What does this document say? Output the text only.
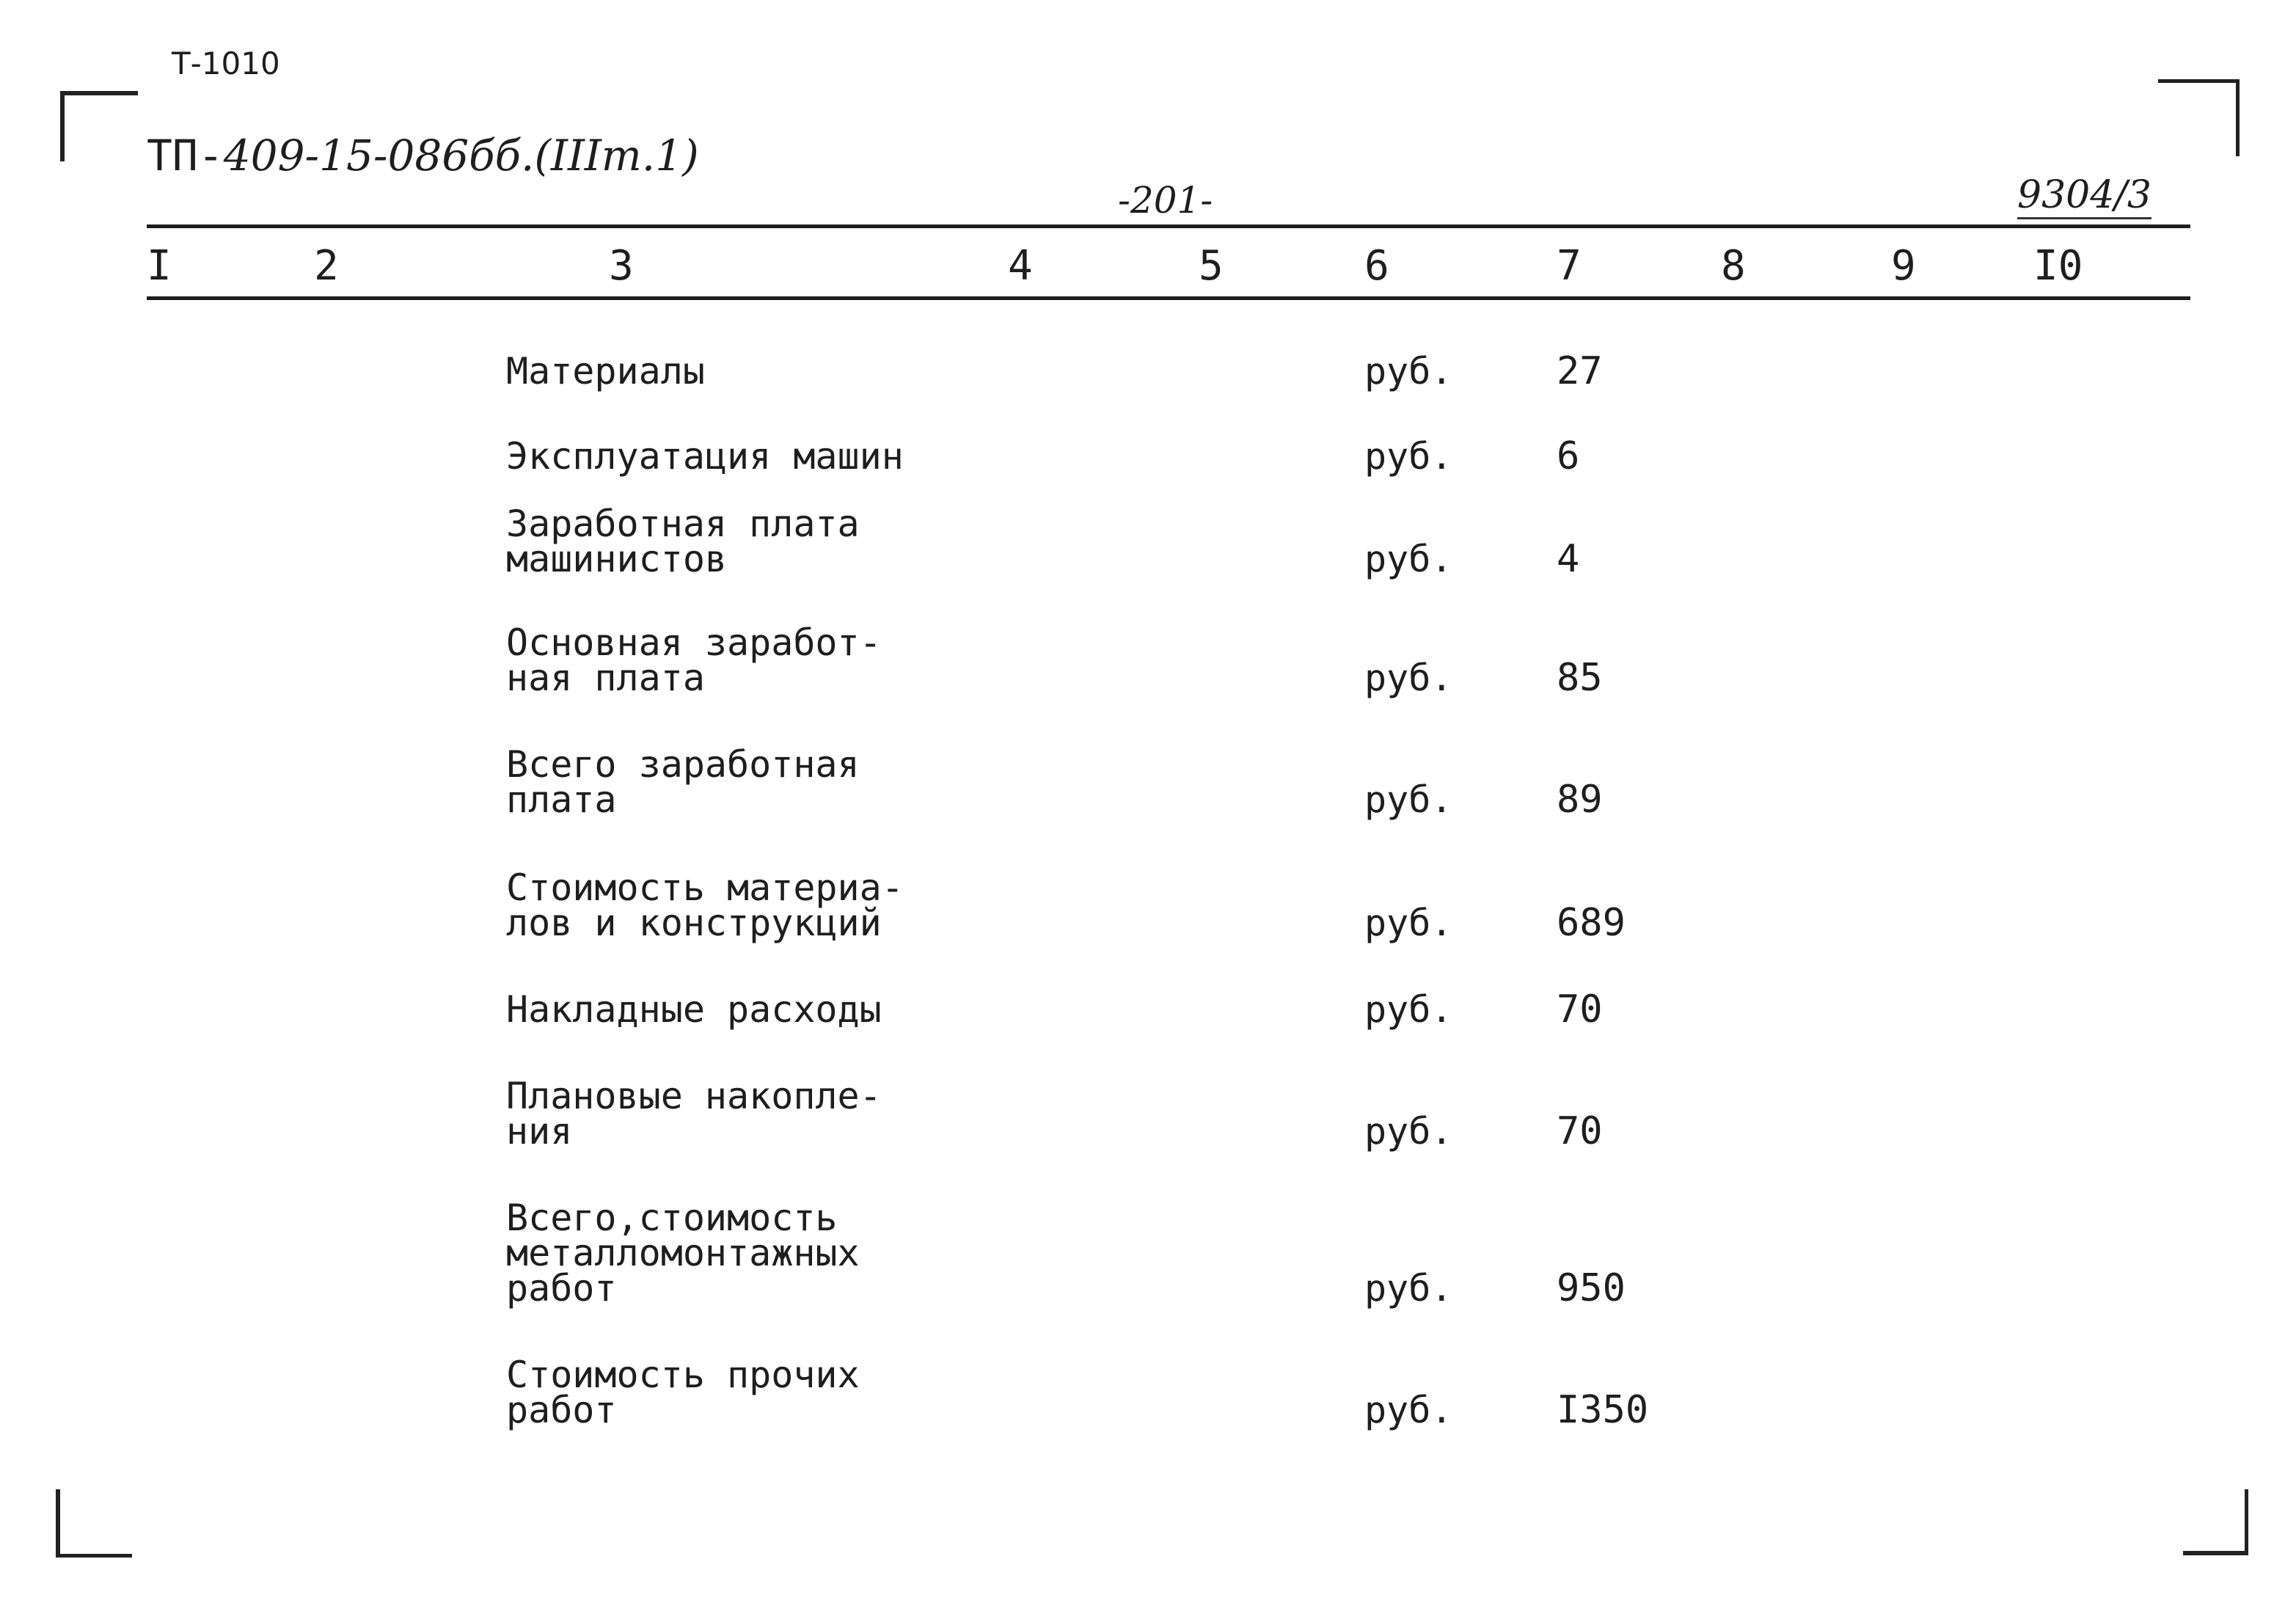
Т-1010
ТП-409-15-086бб.(IIIт.1)
-201-	9304/3
I	2	3	4	5	6	7	8	9	I0
Материалы	руб.	27
Эксплуатация машин	руб.	6
Заработная плата
машинистов	руб.	4
Основная заработ-
ная плата	руб.	85
Всего заработная
плата	руб.	89
Стоимость материа-
лов и конструкций	руб.	689
Накладные расходы	руб.	70
Плановые накопле-
ния	руб.	70
Всего,стоимость
металломонтажных
работ	руб.	950
Стоимость прочих
работ	руб.	I350
